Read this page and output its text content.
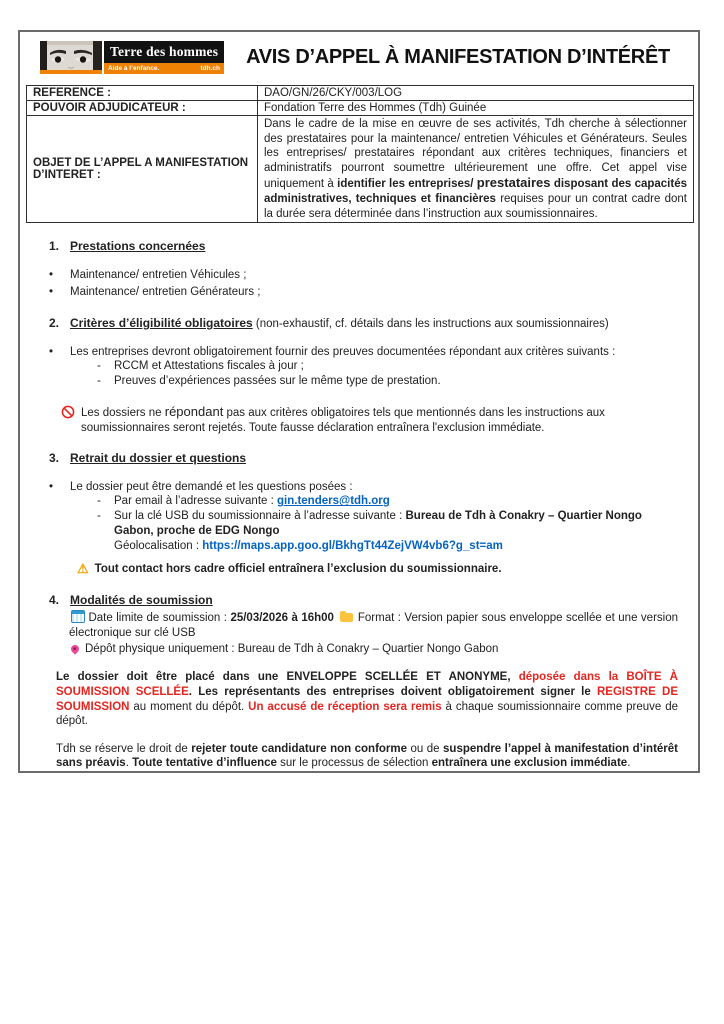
Terre des hommes
Aide à l’enfance.	tdh.ch
AVIS D’APPEL À MANIFESTATION D’INTÉRÊT
REFERENCE :	DAO/GN/26/CKY/003/LOG
POUVOIR ADJUDICATEUR :	Fondation Terre des Hommes (Tdh) Guinée
OBJET DE L’APPEL A MANIFESTATION D’INTERET :	Dans le cadre de la mise en œuvre de ses activités, Tdh cherche à sélectionner des prestataires pour la maintenance/ entretien Véhicules et Générateurs. Seules les entreprises/ prestataires répondant aux critères techniques, financiers et administratifs pourront soumettre ultérieurement une offre. Cet appel vise uniquement à identifier les entreprises/ prestataires disposant des capacités administratives, techniques et financières requises pour un contrat cadre dont la durée sera déterminée dans l’instruction aux soumissionnaires.
1. Prestations concernées
•	Maintenance/ entretien Véhicules ;
•	Maintenance/ entretien Générateurs ;
2. Critères d’éligibilité obligatoires (non-exhaustif, cf. détails dans les instructions aux soumissionnaires)
•	Les entreprises devront obligatoirement fournir des preuves documentées répondant aux critères suivants :
-	RCCM et Attestations fiscales à jour ;
-	Preuves d’expériences passées sur le même type de prestation.
Les dossiers ne répondant pas aux critères obligatoires tels que mentionnés dans les instructions aux soumissionnaires seront rejetés. Toute fausse déclaration entraînera l'exclusion immédiate.
3. Retrait du dossier et questions
•	Le dossier peut être demandé et les questions posées :
-	Par email à l’adresse suivante : gin.tenders@tdh.org
-	Sur la clé USB du soumissionnaire à l’adresse suivante : Bureau de Tdh à Conakry – Quartier Nongo Gabon, proche de EDG Nongo
Géolocalisation : https://maps.app.goo.gl/BkhgTt44ZejVW4vb6?g_st=am
⚠ Tout contact hors cadre officiel entraînera l’exclusion du soumissionnaire.
4. Modalités de soumission
Date limite de soumission : 25/03/2026 à 16h00  Format : Version papier sous enveloppe scellée et une version électronique sur clé USB
Dépôt physique uniquement : Bureau de Tdh à Conakry – Quartier Nongo Gabon
Le dossier doit être placé dans une ENVELOPPE SCELLÉE ET ANONYME, déposée dans la BOÎTE À SOUMISSION SCELLÉE. Les représentants des entreprises doivent obligatoirement signer le REGISTRE DE SOUMISSION au moment du dépôt. Un accusé de réception sera remis à chaque soumissionnaire comme preuve de dépôt.
Tdh se réserve le droit de rejeter toute candidature non conforme ou de suspendre l’appel à manifestation d’intérêt sans préavis. Toute tentative d’influence sur le processus de sélection entraînera une exclusion immédiate.
